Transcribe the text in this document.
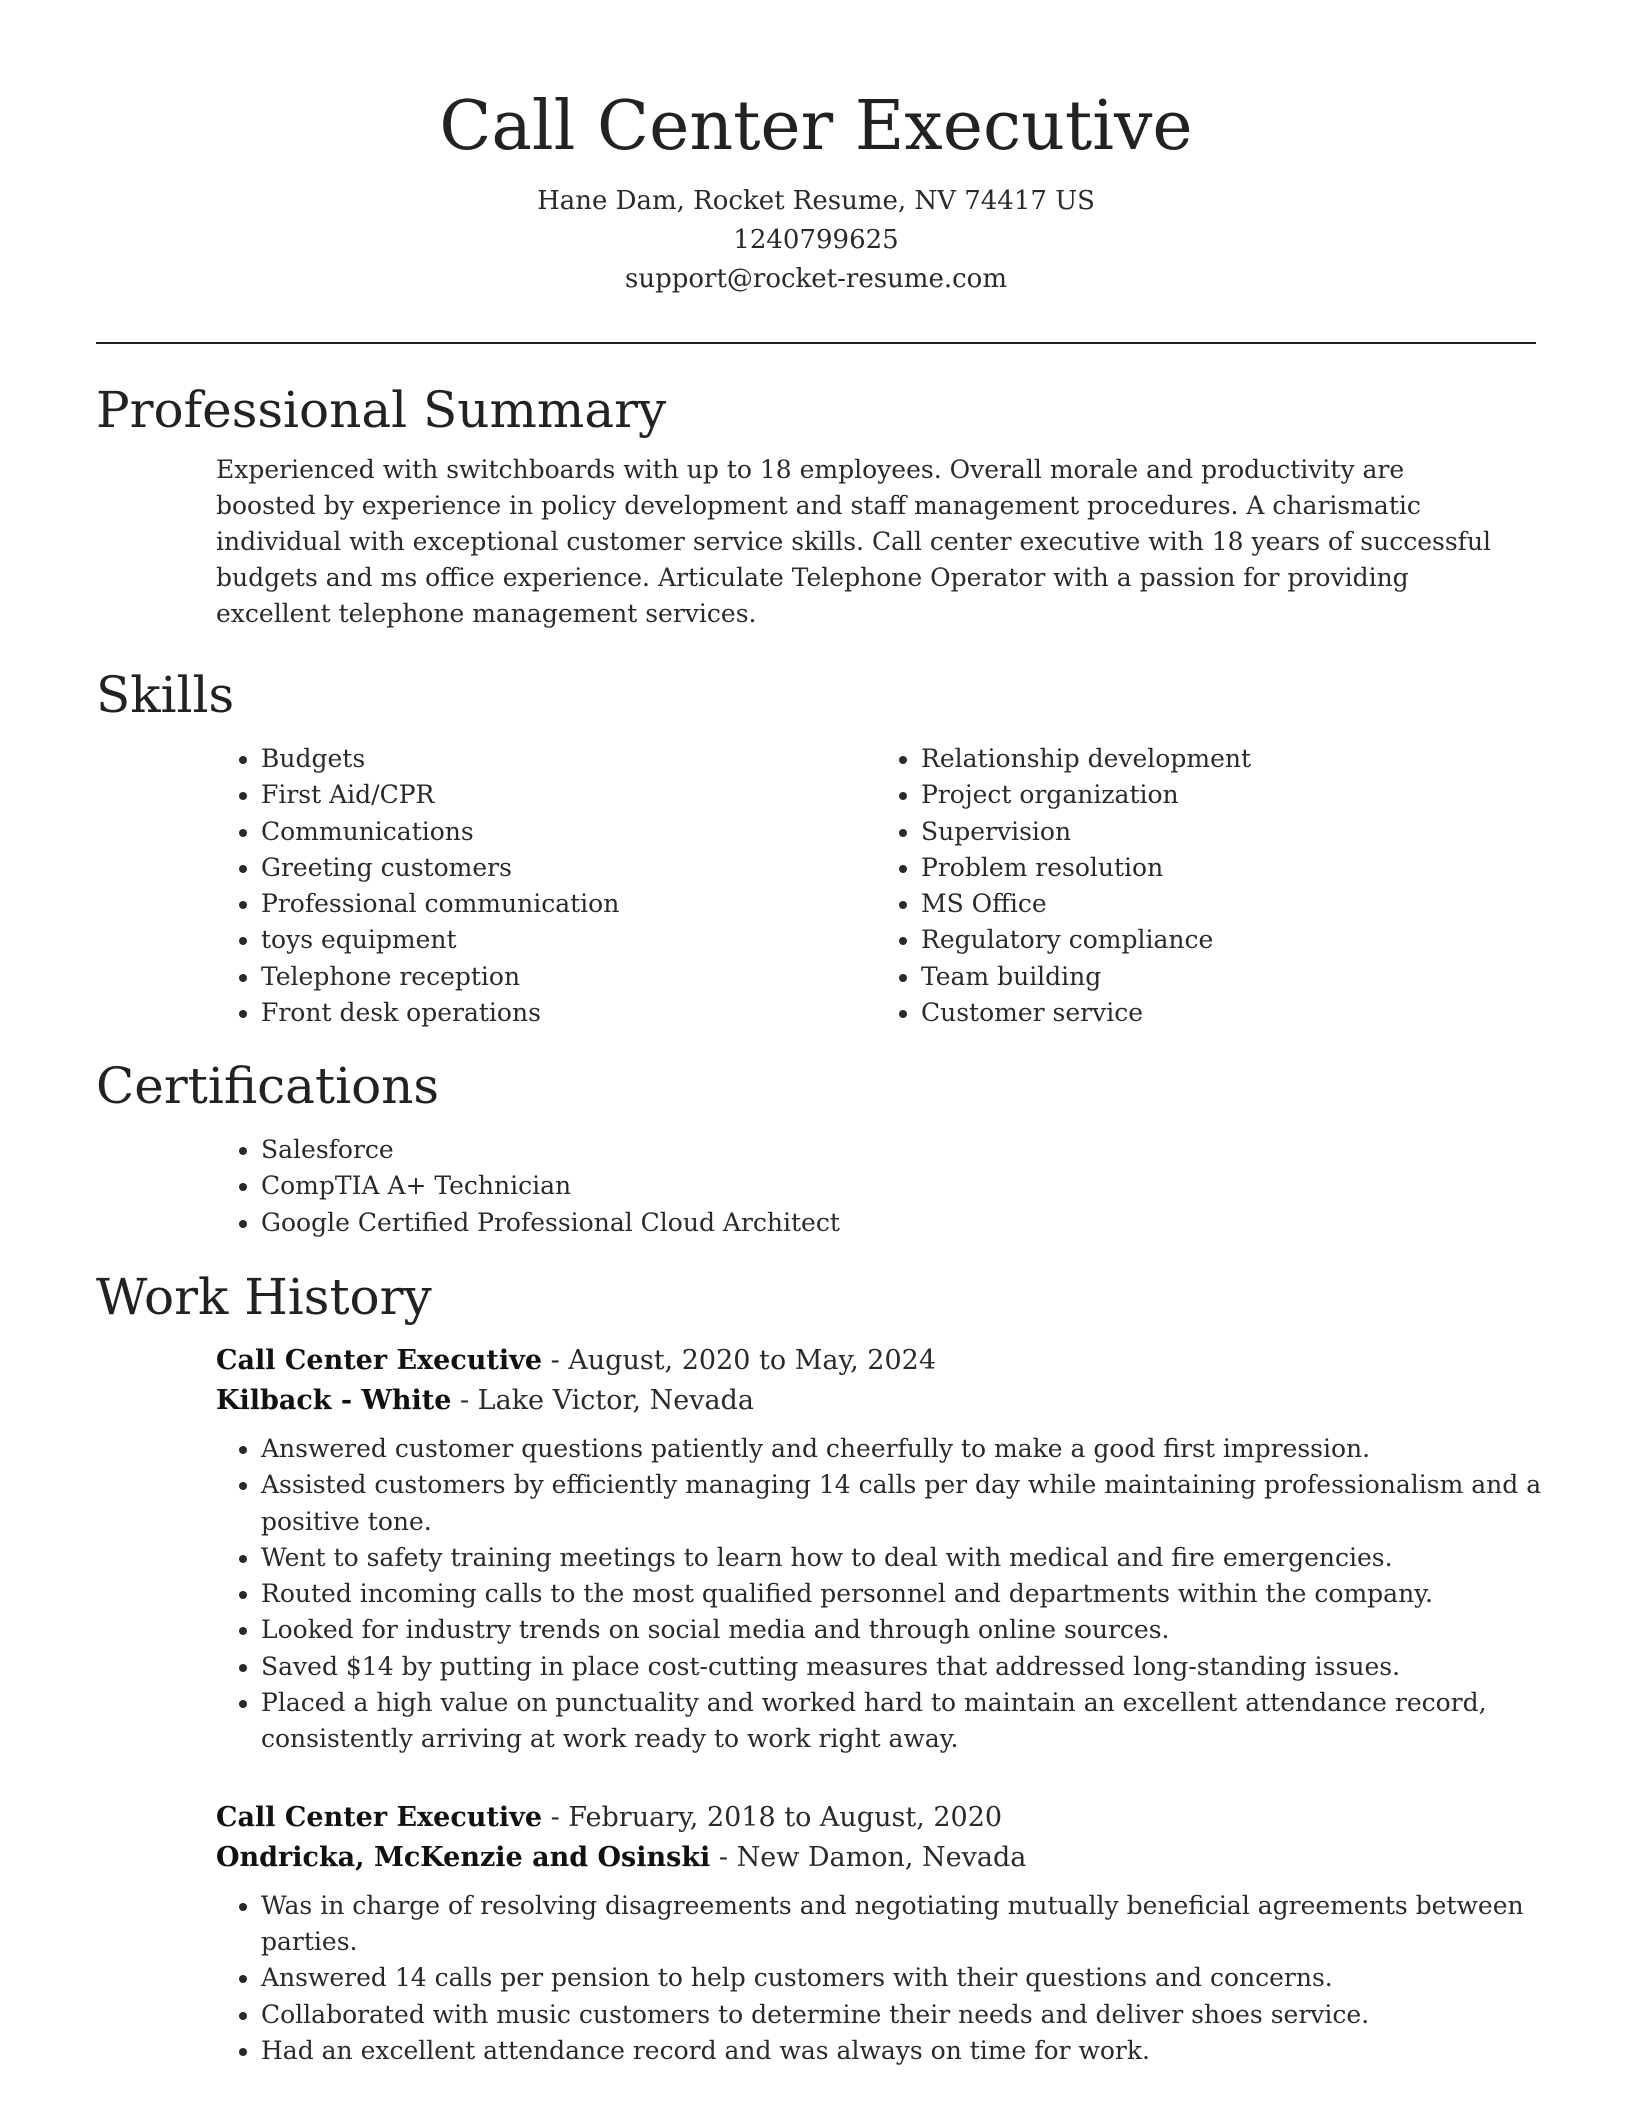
Call Center Executive
Hane Dam, Rocket Resume, NV 74417 US
1240799625
support@rocket-resume.com
Professional Summary

Experienced with switchboards with up to 18 employees. Overall morale and productivity are boosted by experience in policy development and staff management procedures. A charismatic individual with exceptional customer service skills. Call center executive with 18 years of successful budgets and ms office experience. Articulate Telephone Operator with a passion for providing excellent telephone management services.

Skills
• Budgets
• First Aid/CPR
• Communications
• Greeting customers
• Professional communication
• toys equipment
• Telephone reception
• Front desk operations
• Relationship development
• Project organization
• Supervision
• Problem resolution
• MS Office
• Regulatory compliance
• Team building
• Customer service
Certifications
• Salesforce
• CompTIA A+ Technician
• Google Certified Professional Cloud Architect
Work History
Call Center Executive - August, 2020 to May, 2024
Kilback - White - Lake Victor, Nevada
• Answered customer questions patiently and cheerfully to make a good first impression.
• Assisted customers by efficiently managing 14 calls per day while maintaining professionalism and a positive tone.
• Went to safety training meetings to learn how to deal with medical and fire emergencies.
• Routed incoming calls to the most qualified personnel and departments within the company.
• Looked for industry trends on social media and through online sources.
• Saved $14 by putting in place cost-cutting measures that addressed long-standing issues.
• Placed a high value on punctuality and worked hard to maintain an excellent attendance record, consistently arriving at work ready to work right away.
Call Center Executive - February, 2018 to August, 2020
Ondricka, McKenzie and Osinski - New Damon, Nevada
• Was in charge of resolving disagreements and negotiating mutually beneficial agreements between parties.
• Answered 14 calls per pension to help customers with their questions and concerns.
• Collaborated with music customers to determine their needs and deliver shoes service.
• Had an excellent attendance record and was always on time for work.
